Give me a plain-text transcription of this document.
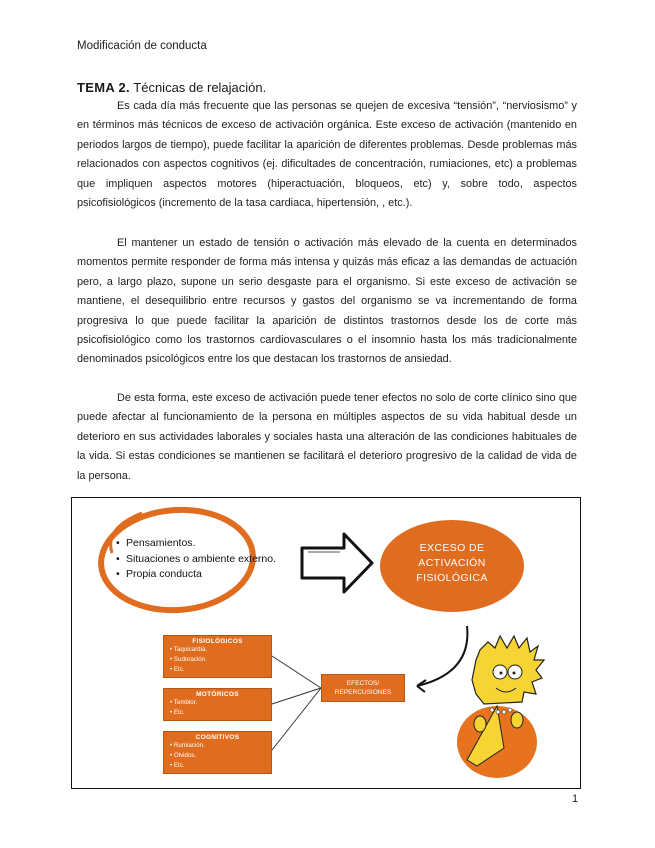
Modificación de conducta
TEMA 2. Técnicas de relajación.

Es cada día más frecuente que las personas se quejen de excesiva “tensión”, “nerviosismo” y en términos más técnicos de exceso de activación orgánica. Este exceso de activación (mantenido en periodos largos de tiempo), puede facilitar la aparición de diferentes problemas. Desde problemas más relacionados con aspectos cognitivos (ej. dificultades de concentración, rumiaciones, etc) a problemas que impliquen aspectos motores (hiperactuación, bloqueos, etc) y, sobre todo, aspectos psicofisiológicos (incremento de la tasa cardiaca, hipertensión, , etc.).

El mantener un estado de tensión o activación más elevado de la cuenta en determinados momentos permite responder de forma más intensa y quizás más eficaz a las demandas de actuación pero, a largo plazo, supone un serio desgaste para el organismo. Si este exceso de activación se mantiene, el desequilibrio entre recursos y gastos del organismo se va incrementando de forma progresiva lo que puede facilitar la aparición de distintos trastornos desde los de corte más psicofisiológico como los trastornos cardiovasculares o el insomnio hasta los más tradicionalmente denominados psicológicos entre los que destacan los trastornos de ansiedad.

De esta forma, este exceso de activación puede tener efectos no solo de corte clínico sino que puede afectar al funcionamiento de la persona en múltiples aspectos de su vida habitual desde un deterioro en sus actividades laborales y sociales hasta una alteración de las condiciones habituales de la vida. Si estas condiciones se mantienen se facilitará el deterioro progresivo de la calidad de vida de la persona.

• Pensamientos.
• Situaciones o ambiente externo.
• Propia conducta
EXCESO DE ACTIVACIÓN FISIOLÓGICA
EFECTOS/ REPERCUSIONES
FISIOLÓGICOS
• Taquicardia.
• Sudoración.
• Etc.
MOTÓRICOS
• Temblor.
• Etc.
COGNITIVOS
• Rumiación.
• Olvidos.
• Etc.
1
